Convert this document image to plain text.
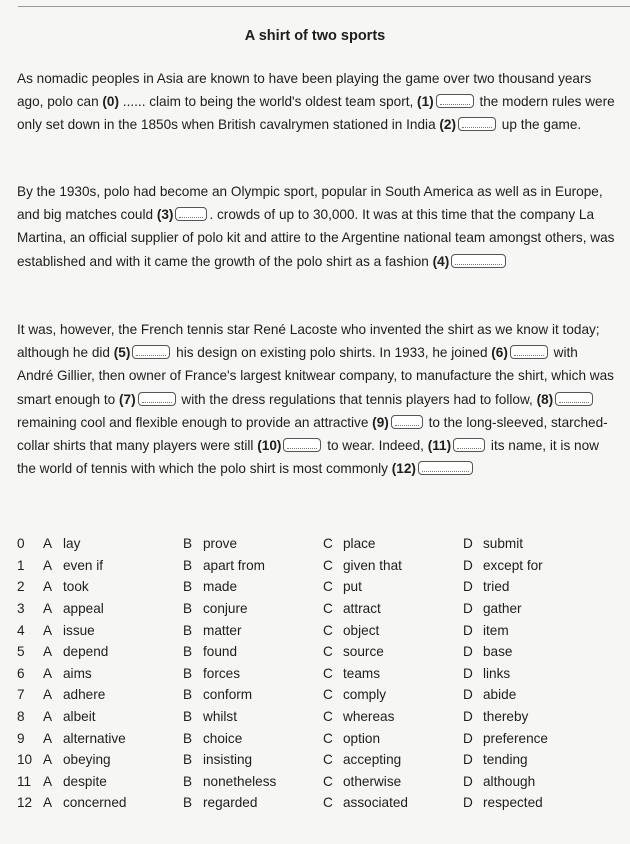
A shirt of two sports

As nomadic peoples in Asia are known to have been playing the game over two thousand years ago, polo can (0) ...... claim to being the world's oldest team sport, (1)	the modern rules were only set down in the 1850s when British cavalrymen stationed in India (2)	up the game.

By the 1930s, polo had become an Olympic sport, popular in South America as well as in Europe, and big matches could (3)	. crowds of up to 30,000. It was at this time that the company La Martina, an official supplier of polo kit and attire to the Argentine national team amongst others, was established and with it came the growth of the polo shirt as a fashion (4)

It was, however, the French tennis star René Lacoste who invented the shirt as we know it today; although he did (5)	his design on existing polo shirts. In 1933, he joined (6)	with André Gillier, then owner of France's largest knitwear company, to manufacture the shirt, which was smart enough to (7)	with the dress regulations that tennis players had to follow, (8) remaining cool and flexible enough to provide an attractive (9)	to the long-sleeved, starched-collar shirts that many players were still (10)	to wear. Indeed, (11)	its name, it is now the world of tennis with which the polo shirt is most commonly (12)

0	A lay	B prove	C place	D submit
1	A even if	B apart from	C given that	D except for
2	A took	B made	C put	D tried
3	A appeal	B conjure	C attract	D gather
4	A issue	B matter	C object	D item
5	A depend	B found	C source	D base
6	A aims	B forces	C teams	D links
7	A adhere	B conform	C comply	D abide
8	A albeit	B whilst	C whereas	D thereby
9	A alternative	B choice	C option	D preference
10 A obeying	B insisting	C accepting	D tending
11 A despite	B nonetheless	C otherwise	D although
12 A concerned	B regarded	C associated	D respected
